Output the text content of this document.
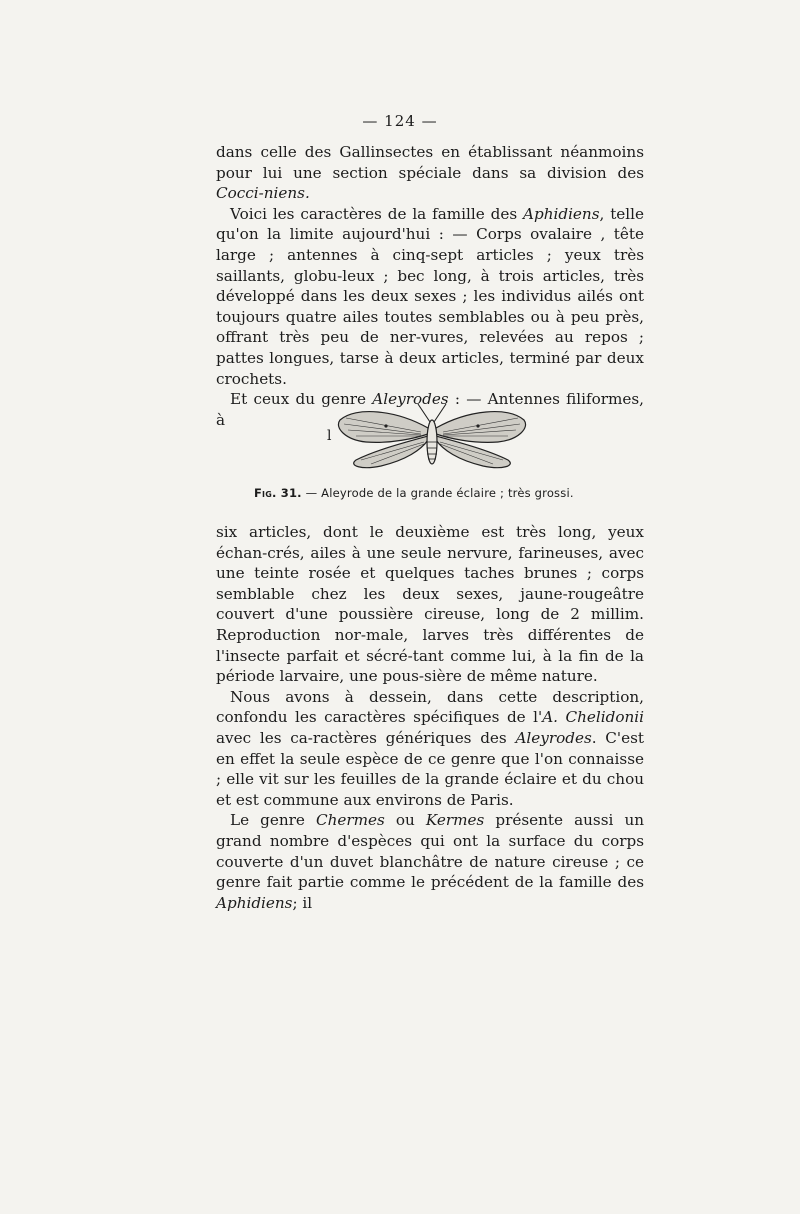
— 124 —

dans celle des Gallinsectes en établissant néanmoins pour lui une section spéciale dans sa division des Cocci-niens.

Voici les caractères de la famille des Aphidiens, telle qu'on la limite aujourd'hui : — Corps ovalaire , tête large ; antennes à cinq-sept articles ; yeux très saillants, globu-leux ; bec long, à trois articles, très développé dans les deux sexes ; les individus ailés ont toujours quatre ailes toutes semblables ou à peu près, offrant très peu de ner-vures, relevées au repos ; pattes longues, tarse à deux articles, terminé par deux crochets.

Et ceux du genre Aleyrodes : — Antennes filiformes, à

l
Fig. 31. — Aleyrode de la grande éclaire ; très grossi.

six articles, dont le deuxième est très long, yeux échan-crés, ailes à une seule nervure, farineuses, avec une teinte rosée et quelques taches brunes ; corps semblable chez les deux sexes, jaune-rougeâtre couvert d'une poussière cireuse, long de 2 millim. Reproduction nor-male, larves très différentes de l'insecte parfait et sécré-tant comme lui, à la fin de la période larvaire, une pous-sière de même nature.

Nous avons à dessein, dans cette description, confondu les caractères spécifiques de l'A. Chelidonii avec les ca-ractères génériques des Aleyrodes. C'est en effet la seule espèce de ce genre que l'on connaisse ; elle vit sur les feuilles de la grande éclaire et du chou et est commune aux environs de Paris.

Le genre Chermes ou Kermes présente aussi un grand nombre d'espèces qui ont la surface du corps couverte d'un duvet blanchâtre de nature cireuse ; ce genre fait partie comme le précédent de la famille des Aphidiens; il
